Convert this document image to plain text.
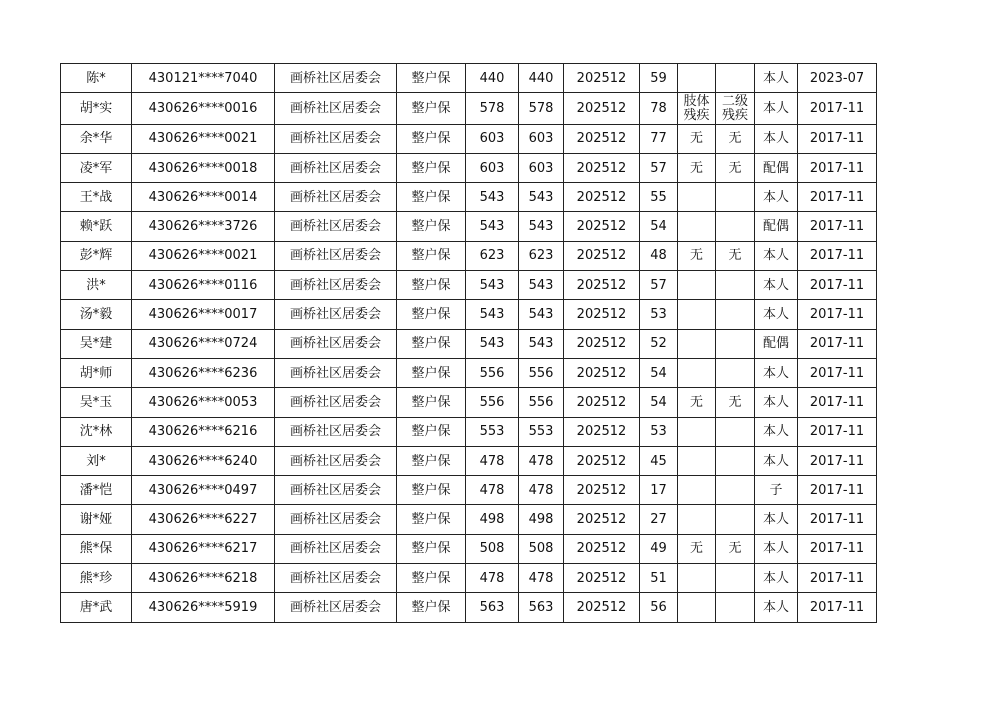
陈*	430121****7040	画桥社区居委会	整户保	440	440	202512	59			本人	2023-07
胡*实	430626****0016	画桥社区居委会	整户保	578	578	202512	78	肢体残疾	二级残疾	本人	2017-11
余*华	430626****0021	画桥社区居委会	整户保	603	603	202512	77	无	无	本人	2017-11
凌*军	430626****0018	画桥社区居委会	整户保	603	603	202512	57	无	无	配偶	2017-11
王*战	430626****0014	画桥社区居委会	整户保	543	543	202512	55			本人	2017-11
赖*跃	430626****3726	画桥社区居委会	整户保	543	543	202512	54			配偶	2017-11
彭*辉	430626****0021	画桥社区居委会	整户保	623	623	202512	48	无	无	本人	2017-11
洪*	430626****0116	画桥社区居委会	整户保	543	543	202512	57			本人	2017-11
汤*毅	430626****0017	画桥社区居委会	整户保	543	543	202512	53			本人	2017-11
吴*建	430626****0724	画桥社区居委会	整户保	543	543	202512	52			配偶	2017-11
胡*师	430626****6236	画桥社区居委会	整户保	556	556	202512	54			本人	2017-11
吴*玉	430626****0053	画桥社区居委会	整户保	556	556	202512	54	无	无	本人	2017-11
沈*林	430626****6216	画桥社区居委会	整户保	553	553	202512	53			本人	2017-11
刘*	430626****6240	画桥社区居委会	整户保	478	478	202512	45			本人	2017-11
潘*恺	430626****0497	画桥社区居委会	整户保	478	478	202512	17			子	2017-11
谢*娅	430626****6227	画桥社区居委会	整户保	498	498	202512	27			本人	2017-11
熊*保	430626****6217	画桥社区居委会	整户保	508	508	202512	49	无	无	本人	2017-11
熊*珍	430626****6218	画桥社区居委会	整户保	478	478	202512	51			本人	2017-11
唐*武	430626****5919	画桥社区居委会	整户保	563	563	202512	56			本人	2017-11
